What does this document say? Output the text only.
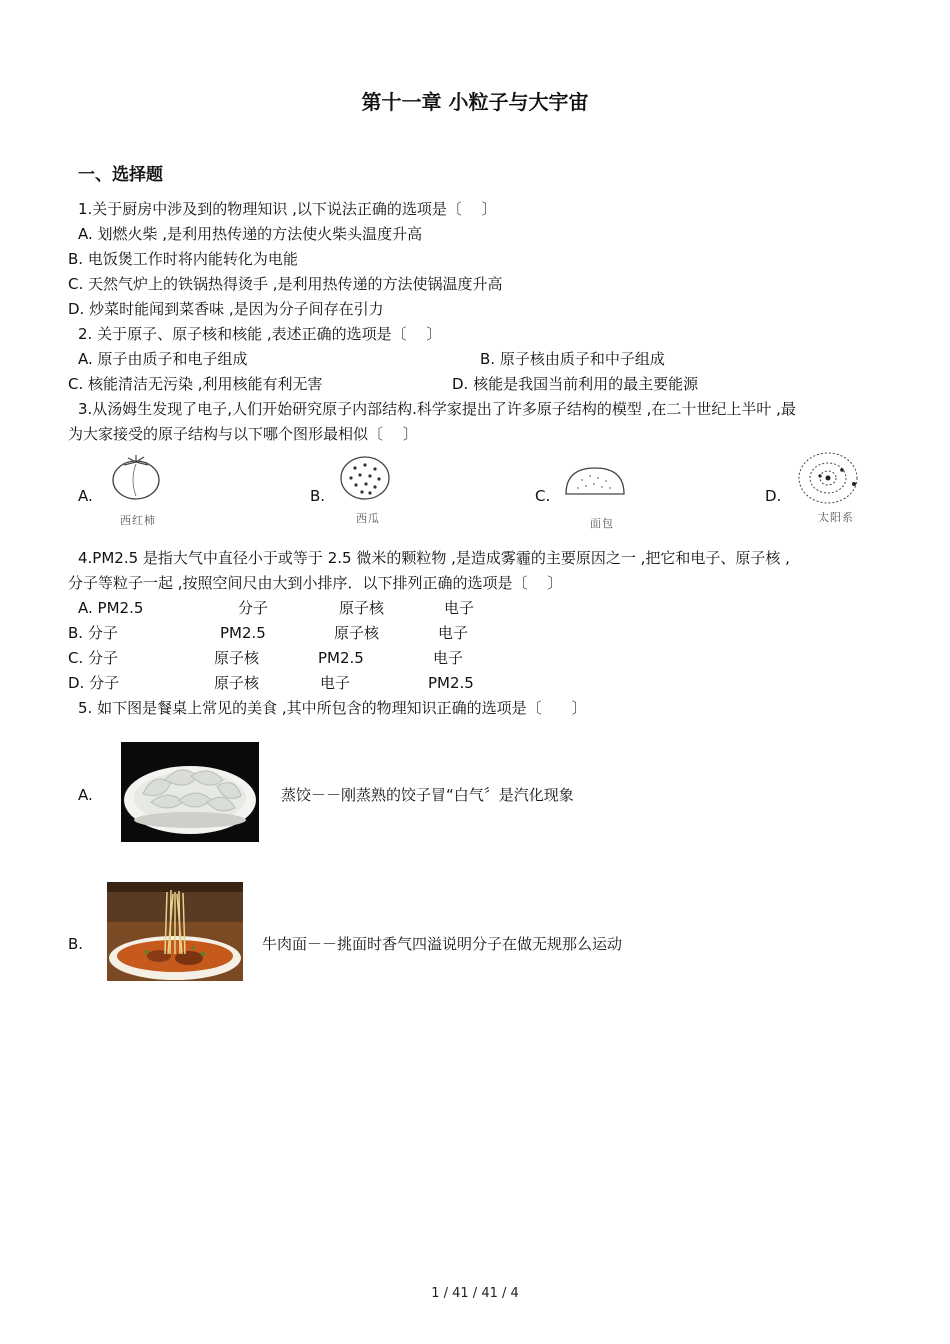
第十一章 小粒子与大宇宙
一、选择题
1.关于厨房中涉及到的物理知识 ,以下说法正确的选项是〔　 〕
A. 划燃火柴 ,是利用热传递的方法使火柴头温度升高
B. 电饭煲工作时将内能转化为电能
C. 天然气炉上的铁锅热得烫手 ,是利用热传递的方法使锅温度升高
D. 炒菜时能闻到菜香味 ,是因为分子间存在引力
2. 关于原子、原子核和核能 ,表述正确的选项是〔　 〕
A. 原子由质子和电子组成	B. 原子核由质子和中子组成
C. 核能清洁无污染 ,利用核能有利无害	D. 核能是我国当前利用的最主要能源
3.从汤姆生发现了电子,人们开始研究原子内部结构.科学家提出了许多原子结构的模型 ,在二十世纪上半叶 ,最
为大家接受的原子结构与以下哪个图形最相似〔　 〕
A.	B.	C.	D.
西红柿	西瓜	面包	太阳系
4.PM2.5 是指大气中直径小于或等于 2.5 微米的颗粒物 ,是造成雾霾的主要原因之一 ,把它和电子、原子核 ,
分子等粒子一起 ,按照空间尺由大到小排序．以下排列正确的选项是〔　 〕
A. PM2.5	分子	原子核	电子
B. 分子	PM2.5	原子核	电子
C. 分子	原子核	PM2.5	电子
D. 分子	原子核	电子	PM2.5
5. 如下图是餐桌上常见的美食 ,其中所包含的物理知识正确的选项是〔　　〕
A.	蒸饺－－刚蒸熟的饺子冒“白气〞是汽化现象
B.	牛肉面－－挑面时香气四溢说明分子在做无规那么运动
1 / 41 / 41 / 4
